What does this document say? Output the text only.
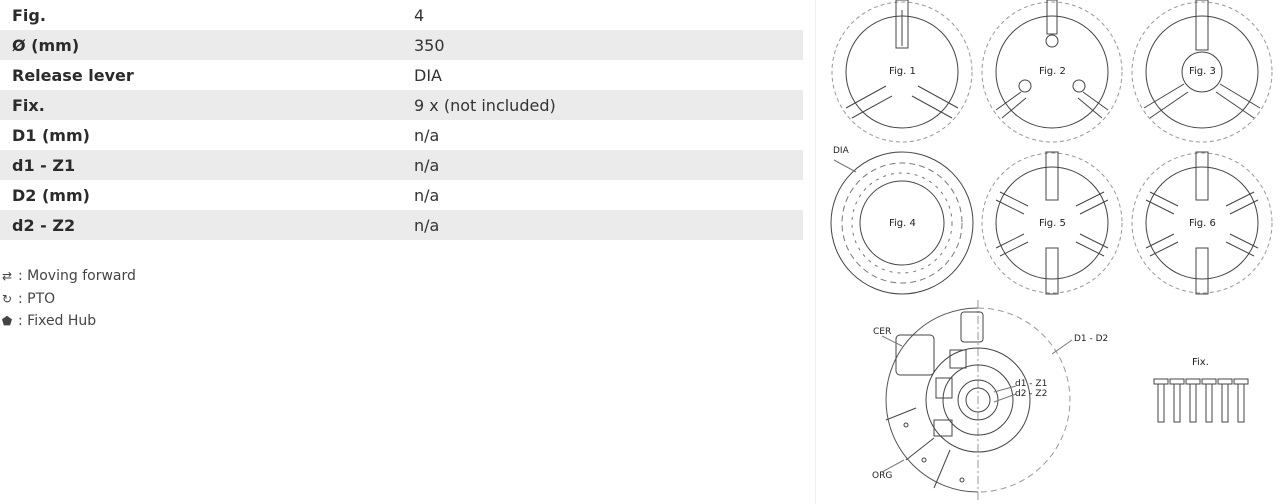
Fig.	4
Ø (mm)	350
Release lever	DIA
Fix.	9 x (not included)
D1 (mm)	n/a
d1 - Z1	n/a
D2 (mm)	n/a
d2 - Z2	n/a
⇄ : Moving forward
↻ : PTO
⬟ : Fixed Hub
Fig. 1	Fig. 2	Fig. 3
DIA
Fig. 4	Fig. 5	Fig. 6
CER
ORG
D1 - D2
d1 - Z1
d2 - Z2
Fix.
